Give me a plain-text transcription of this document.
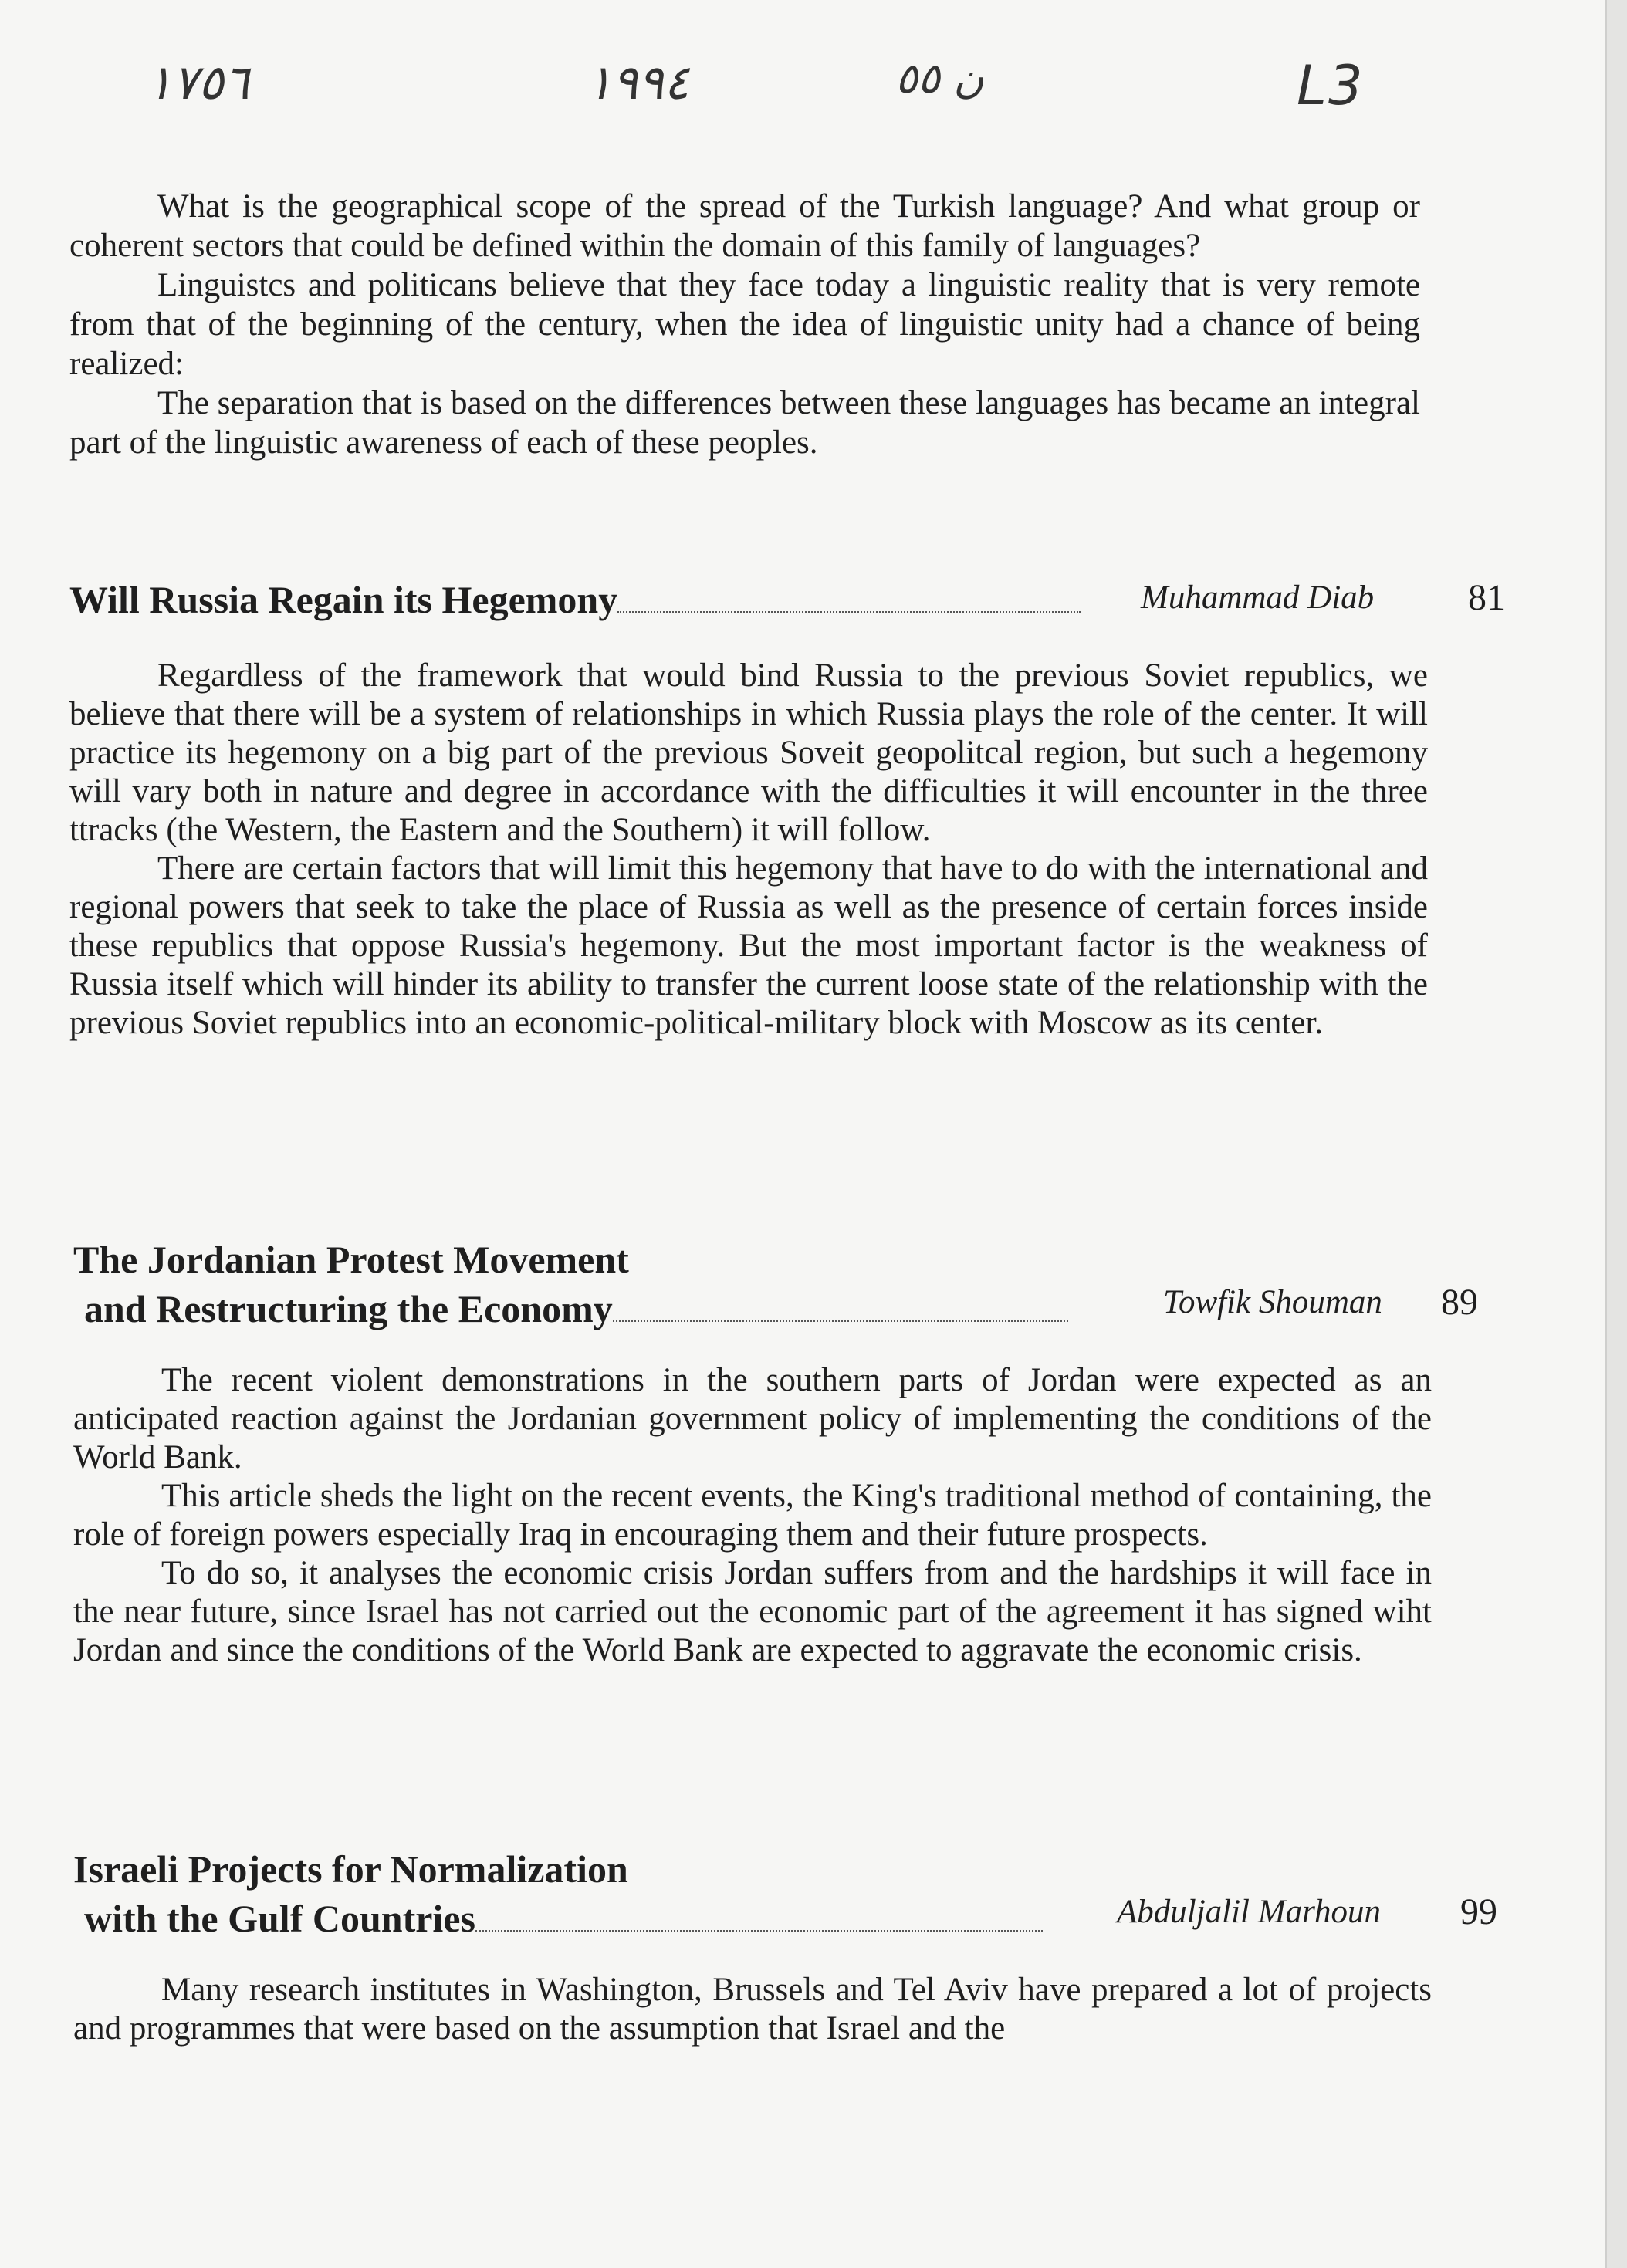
١٧٥٦	١٩٩٤	ن ٥٥	L3

What is the geographical scope of the spread of the Turkish language? And what group or coherent sectors that could be defined within the domain of this family of languages?

Linguistcs and politicans believe that they face today a linguistic reality that is very remote from that of the beginning of the century, when the idea of linguistic unity had a chance of being realized:

The separation that is based on the differences between these languages has became an integral part of the linguistic awareness of each of these peoples.

Will Russia Regain its Hegemony	Muhammad Diab	81

Regardless of the framework that would bind Russia to the previous Soviet republics, we believe that there will be a system of relationships in which Russia plays the role of the center. It will practice its hegemony on a big part of the previous Soveit geopolitcal region, but such a hegemony will vary both in nature and degree in accordance with the difficulties it will encounter in the three ttracks (the Western, the Eastern and the Southern) it will follow.

There are certain factors that will limit this hegemony that have to do with the international and regional powers that seek to take the place of Russia as well as the presence of certain forces inside these republics that oppose Russia's hegemony. But the most important factor is the weakness of Russia itself which will hinder its ability to transfer the current loose state of the relationship with the previous Soviet republics into an economic-political-military block with Moscow as its center.

The Jordanian Protest Movement
and Restructuring the Economy	Towfik Shouman 89

The recent violent demonstrations in the southern parts of Jordan were expected as an anticipated reaction against the Jordanian government policy of implementing the conditions of the World Bank.

This article sheds the light on the recent events, the King's traditional method of containing, the role of foreign powers especially Iraq in encouraging them and their future prospects.

To do so, it analyses the economic crisis Jordan suffers from and the hardships it will face in the near future, since Israel has not carried out the economic part of the agreement it has signed wiht Jordan and since the conditions of the World Bank are expected to aggravate the economic crisis.

Israeli Projects for Normalization
with the Gulf Countries	Abduljalil Marhoun 99

Many research institutes in Washington, Brussels and Tel Aviv have prepared a lot of projects and programmes that were based on the assumption that Israel and the
